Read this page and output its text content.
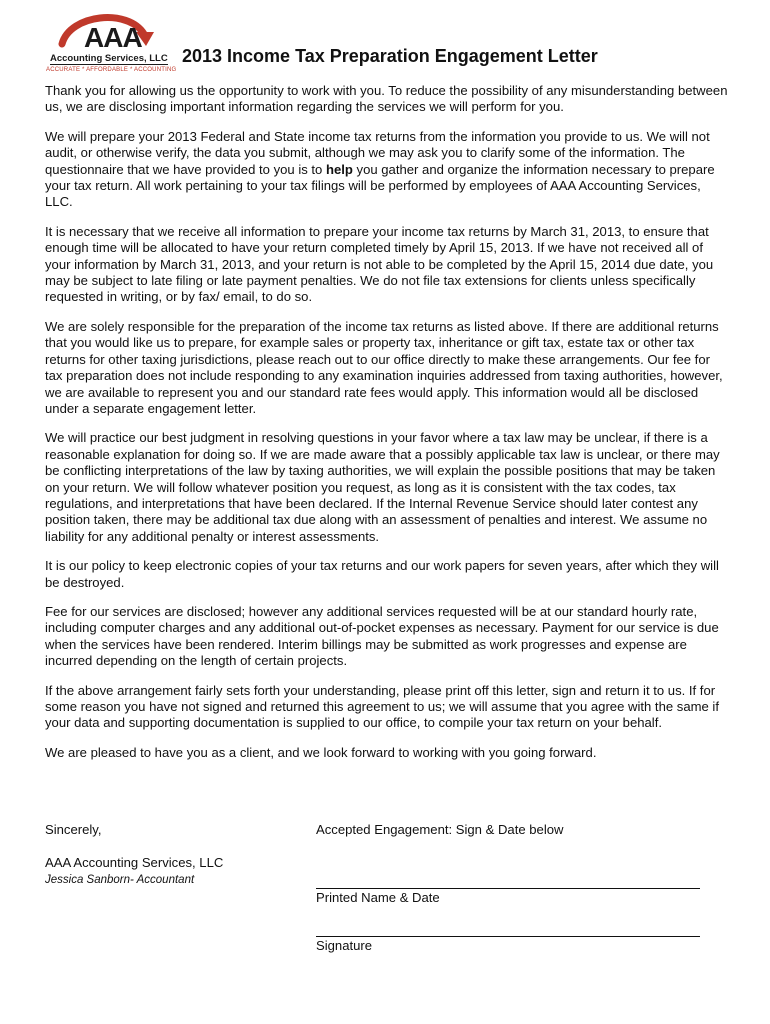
AAA
Accounting Services, LLC
ACCURATE * AFFORDABLE * ACCOUNTING
2013 Income Tax Preparation Engagement Letter

Thank you for allowing us the opportunity to work with you. To reduce the possibility of any misunderstanding between us, we are disclosing important information regarding the services we will perform for you.

We will prepare your 2013 Federal and State income tax returns from the information you provide to us. We will not audit, or otherwise verify, the data you submit, although we may ask you to clarify some of the information. The questionnaire that we have provided to you is to help you gather and organize the information necessary to prepare your tax return. All work pertaining to your tax filings will be performed by employees of AAA Accounting Services, LLC.

It is necessary that we receive all information to prepare your income tax returns by March 31, 2013, to ensure that enough time will be allocated to have your return completed timely by April 15, 2013. If we have not received all of your information by March 31, 2013, and your return is not able to be completed by the April 15, 2014 due date, you may be subject to late filing or late payment penalties. We do not file tax extensions for clients unless specifically requested in writing, or by fax/ email, to do so.

We are solely responsible for the preparation of the income tax returns as listed above. If there are additional returns that you would like us to prepare, for example sales or property tax, inheritance or gift tax, estate tax or other tax returns for other taxing jurisdictions, please reach out to our office directly to make these arrangements. Our fee for tax preparation does not include responding to any examination inquiries addressed from taxing authorities, however, we are available to represent you and our standard rate fees would apply. This information would all be disclosed under a separate engagement letter.

We will practice our best judgment in resolving questions in your favor where a tax law may be unclear, if there is a reasonable explanation for doing so. If we are made aware that a possibly applicable tax law is unclear, or there may be conflicting interpretations of the law by taxing authorities, we will explain the possible positions that may be taken on your return. We will follow whatever position you request, as long as it is consistent with the tax codes, tax regulations, and interpretations that have been declared. If the Internal Revenue Service should later contest any position taken, there may be additional tax due along with an assessment of penalties and interest. We assume no liability for any additional penalty or interest assessments.

It is our policy to keep electronic copies of your tax returns and our work papers for seven years, after which they will be destroyed.

Fee for our services are disclosed; however any additional services requested will be at our standard hourly rate, including computer charges and any additional out-of-pocket expenses as necessary. Payment for our service is due when the services have been rendered. Interim billings may be submitted as work progresses and expense are incurred depending on the length of certain projects.

If the above arrangement fairly sets forth your understanding, please print off this letter, sign and return it to us. If for some reason you have not signed and returned this agreement to us; we will assume that you agree with the same if your data and supporting documentation is supplied to our office, to compile your tax return on your behalf.

We are pleased to have you as a client, and we look forward to working with you going forward.

Sincerely,
AAA Accounting Services, LLC
Jessica Sanborn- Accountant
Accepted Engagement: Sign & Date below
Printed Name & Date
Signature
